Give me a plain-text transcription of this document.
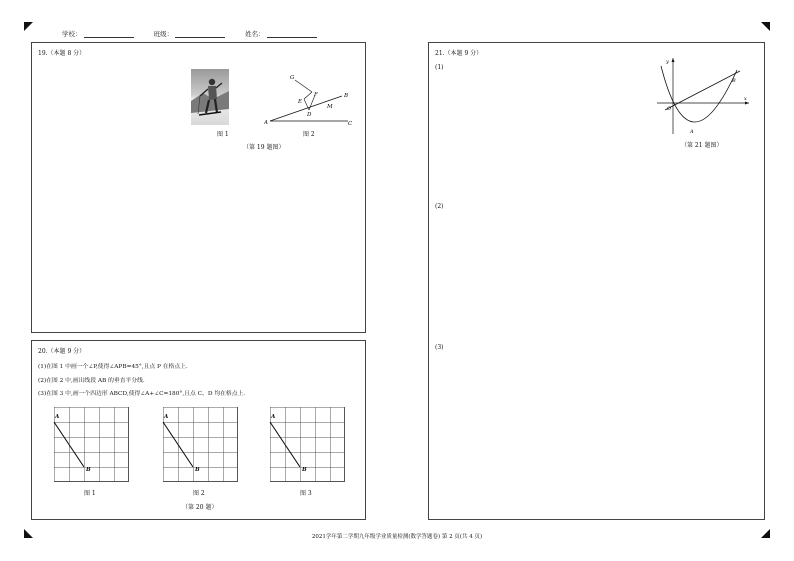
学校：	班级：	姓名：
19.（本题 8 分）
图 1
G
F
E
B
M
D
A	C
图 2
（第 19 题图）
20.（本题 9 分）
(1)在图 1 中画一个∠P,使得∠APB=45°,且点 P 在格点上.
(2)在图 2 中,画出线段 AB 的垂直平分线.
(3)在图 3 中,画一个四边形 ABCD,使得∠A+∠C=180°,且点 C、D 均在格点上.
A
B
A
B
A
B
图 1	图 2	图 3
（第 20 题）
21.（本题 9 分）
(1)
y
x
O
A
B
（第 21 题图）
(2)
(3)
2021学年第二学期九年级学业质量检测(数学答题卷) 第 2 页(共 4 页)
